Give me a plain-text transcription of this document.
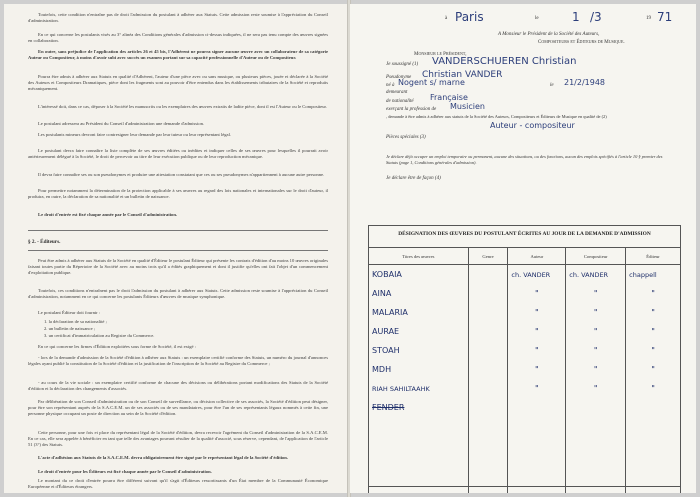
Toutefois, cette condition n'entraîne pas de droit l'admission du postulant à adhérer aux Statuts. Cette admission reste soumise à l'appréciation du Conseil d'administration.

En ce qui concerne les postulants visés au 3° alinéa des Conditions générales d'admission ci-dessus indiquées, il ne sera pas tenu compte des œuvres signées en collaboration.

En outre, sans préjudice de l'application des articles 26 et 45 bis, l'Adhérent ne pourra signer aucune œuvre avec un collaborateur de sa catégorie Auteur ou Compositeur, à moins d'avoir subi avec succès un examen portant sur sa capacité professionnelle d'Auteur ou de Compositeur.

Pourra être admis à adhérer aux Statuts en qualité d'Adhérent, l'auteur d'une pièce avec ou sans musique, ou plusieurs pièces, jouée et déclarée à la Société des Auteurs et Compositeurs Dramatiques, pièce dont les fragments sont au pouvoir d'être entendus dans les établissements tributaires de la Société et reproduits mécaniquement.

L'intéressé doit, dans ce cas, déposer à la Société les manuscrits ou les exemplaires des œuvres extraits de ladite pièce, dont il est l'Auteur ou le Compositeur.

Le postulant adressera au Président du Conseil d'administration une demande d'admission.

Les postulants mineurs devront faire contresigner leur demande par leur tuteur ou leur représentant légal.

Le postulant devra faire connaître la liste complète de ses œuvres éditées ou inédites et indiquer celles de ses œuvres pour lesquelles il pourrait avoir antérieurement délégué à la Société, le droit de percevoir au titre de leur exécution publique ou de leur reproduction mécanique.

Il devra faire connaître ses ou son pseudonymes et produire une attestation constatant que ces ou ses pseudonymes n'appartiennent à aucune autre personne.

Pour permettre notamment la détermination de la protection applicable à ses œuvres au regard des lois nationales et internationales sur le droit d'auteur, il produira, en outre, la déclaration de sa nationalité et un bulletin de naissance.

Le droit d'entrée est fixé chaque année par le Conseil d'administration.

§ 2. - Éditeurs.

Peut être admis à adhérer aux Statuts de la Société en qualité d'Éditeur le postulant Éditeur qui présente les contrats d'édition d'au moins 10 œuvres originales faisant toutes partie du Répertoire de la Société avec au moins trois qu'il a édités graphiquement et dont il justifie qu'elles ont fait l'objet d'un commencement d'exploitation publique.

Toutefois, ces conditions n'entraînent pas le droit l'admission du postulant à adhérer aux Statuts. Cette admission reste soumise à l'appréciation du Conseil d'administration, notamment en ce qui concerne les postulants Éditeurs d'œuvres de musique symphonique.

Le postulant Éditeur doit fournir :

1. la déclaration de sa nationalité ;

2. un bulletin de naissance ;

3. un certificat d'immatriculation au Registre du Commerce.

En ce qui concerne les firmes d'Édition exploitées sous forme de Société, il est exigé :

- lors de la demande d'admission de la Société d'édition à adhérer aux Statuts : un exemplaire certifié conforme des Statuts, un numéro du journal d'annonces légales ayant publié la constitution de la Société d'édition et la justification de l'inscription de la Société au Registre du Commerce ;

- au cours de la vie sociale : un exemplaire certifié conforme de chacune des décisions ou délibérations portant modifications des Statuts de la Société d'édition et la déclaration des changements d'associés.

Par délibération de son Conseil d'administration ou de son Conseil de surveillance, ou décision collective de ses associés, la Société d'édition peut désigner, pour être son représentant auprès de la S.A.C.E.M. un de ses associés ou de ses mandataires, pour être l'un de ses représentants légaux nommés à cette fin, une personne physique occupant un poste de direction au sein de la Société d'édition.

Cette personne, pour une fois et place du représentant légal de la Société d'édition, devra recevoir l'agrément du Conseil d'administration de la S.A.C.E.M. En ce cas, elle sera appelée à bénéficier en tant que telle des avantages pouvant résulter de la qualité d'associé, sous réserve, cependant, de l'application de l'article 51 (3°) des Statuts.

L'acte d'adhésion aux Statuts de la S.A.C.E.M. devra obligatoirement être signé par le représentant légal de la Société d'édition.

Le droit d'entrée pour les Éditeurs est fixé chaque année par le Conseil d'administration.

Le montant du ce droit d'entrée pourra être différent suivant qu'il s'agit d'Éditeurs ressortissants d'un État membre de la Communauté Économique Européenne et d'Éditeurs étrangers.

à Paris	le	1 /3	19 71

A Monsieur le Président de la Société des Auteurs,

Compositeurs et Éditeurs de Musique.

Monsieur le Président,

Je soussigné (1) VANDERSCHUEREN Christian

Pseudonyme Christian VANDER

né à Nogent s/ marne	le 21/2/1948

demeurant

de nationalité Française

exerçant la profession de Musicien

, demande à être admis à adhérer aux statuts de la Société des Auteurs, Compositeurs et Éditeurs de Musique en qualité de (2)

Auteur - compositeur

Pièces spéciales (3)

Je déclare déjà occuper un emploi temporaire ou permanent, aucune des situations, ou des fonctions, aucun des emplois spécifiés à l'article 10 § premier des Statuts (page 1, Conditions générales d'admission).

Je déclare être de façon (4)

DÉSIGNATION DES ŒUVRES DU POSTULANT ÉCRITES AU JOUR DE LA DEMANDE D'ADMISSION

Titres des œuvres	Genre	Auteur	Compositeur	Éditeur
KOBAIA		ch. VANDER	ch. VANDER	chappell
AINA		"	"	"
MALARIA		"	"	"
AURAE		"	"	"
STOAH		"	"	"
MDH		"	"	"
RIAH SAHILTAAHK		"	"	"
FENDER				
